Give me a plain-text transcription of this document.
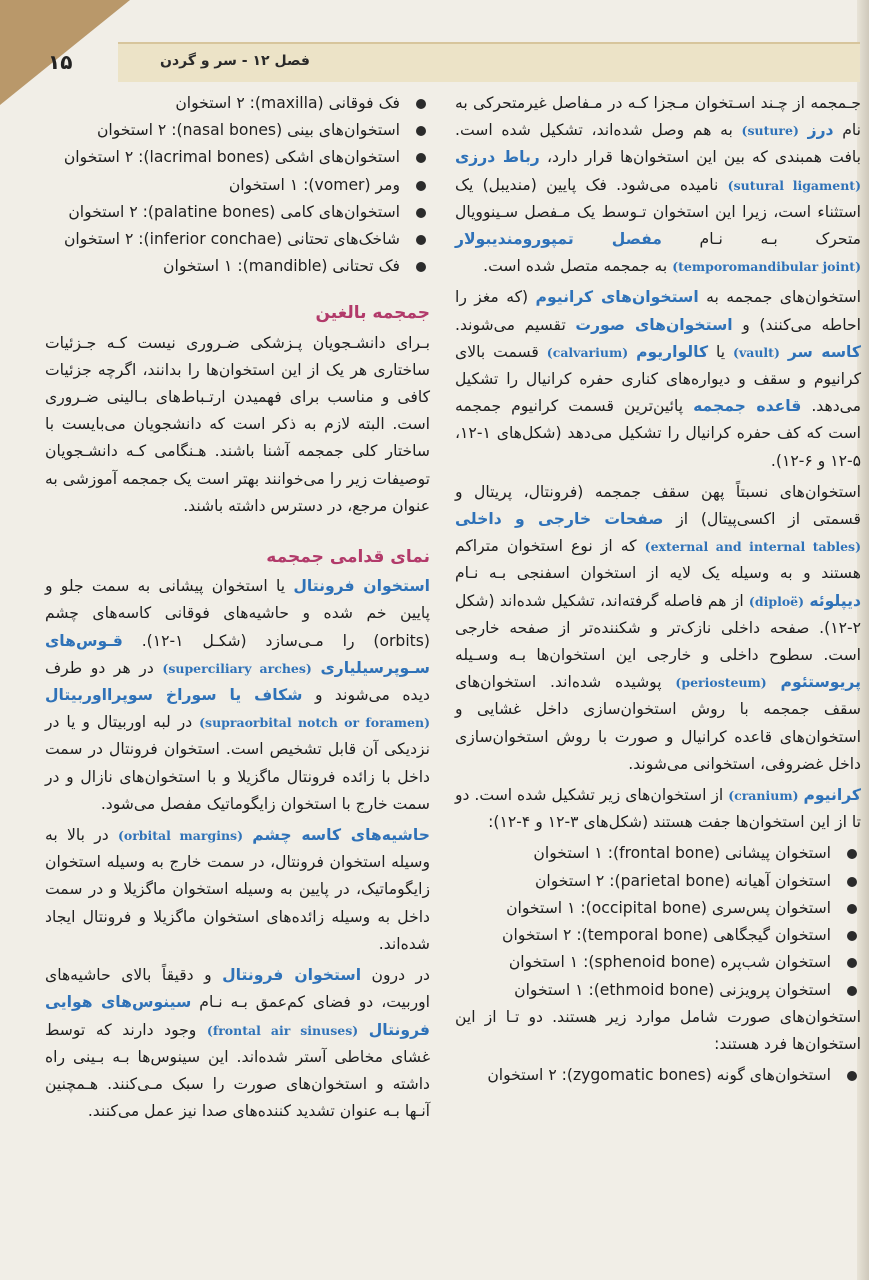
۱۵	فصل ۱۲ - سر و گردن

جـمجمه از چـند اسـتخوان مـجزا کـه در مـفاصل غیرمتحرکی به نام درز (suture) به هم وصل شده‌اند، تشکیل شده است. بافت همبندی که بین این استخوان‌ها قرار دارد، رباط درزی (sutural ligament) نامیده می‌شود. فک پایین (مندیبل) یک استثناء است، زیرا این استخوان تـوسط یک مـفصل سـینوویال متحرک بـه نـام مفصل تمپورومندیبولار (temporomandibular joint) به جمجمه متصل شده است.

استخوان‌های جمجمه به استخوان‌های کرانیوم (که مغز را احاطه می‌کنند) و استخوان‌های صورت تقسیم می‌شوند. کاسه سر (vault) یا کالواریوم (calvarium) قسمت بالای کرانیوم و سقف و دیواره‌های کناری حفره کرانیال را تشکیل می‌دهد. قاعده جمجمه پائین‌ترین قسمت کرانیوم جمجمه است که کف حفره کرانیال را تشکیل می‌دهد (شکل‌های ۱-۱۲، ۵-۱۲ و ۶-۱۲).

استخوان‌های نسبتاً پهن سقف جمجمه (فرونتال، پریتال و قسمتی از اکسی‌پیتال) از صفحات خارجی و داخلی (external and internal tables) که از نوع استخوان متراکم هستند و به وسیله یک لایه از استخوان اسفنجی بـه نـام دیپلوئه (diploë) از هم فاصله گرفته‌اند، تشکیل شده‌اند (شکل ۲-۱۲). صفحه داخلی نازک‌تر و شکننده‌تر از صفحه خارجی است. سطوح داخلی و خارجی این استخوان‌ها بـه وسـیله پریوستئوم (periosteum) پوشیده شده‌اند. استخوان‌های سقف جمجمه با روش استخوان‌سازی داخل غشایی و استخوان‌های قاعده کرانیال و صورت با روش استخوان‌سازی داخل غضروفی، استخوانی می‌شوند.

کرانیوم (cranium) از استخوان‌های زیر تشکیل شده است. دو تا از این استخوان‌ها جفت هستند (شکل‌های ۳-۱۲ و ۴-۱۲):

استخوان پیشانی (frontal bone): ۱ استخوان
استخوان آهیانه (parietal bone): ۲ استخوان
استخوان پس‌سری (occipital bone): ۱ استخوان
استخوان گیجگاهی (temporal bone): ۲ استخوان
استخوان شب‌پره (sphenoid bone): ۱ استخوان
استخوان پرویزنی (ethmoid bone): ۱ استخوان

استخوان‌های صورت شامل موارد زیر هستند. دو تـا از این استخوان‌ها فرد هستند:

استخوان‌های گونه (zygomatic bones): ۲ استخوان
فک فوقانی (maxilla): ۲ استخوان
استخوان‌های بینی (nasal bones): ۲ استخوان
استخوان‌های اشکی (lacrimal bones): ۲ استخوان
ومر (vomer): ۱ استخوان
استخوان‌های کامی (palatine bones): ۲ استخوان
شاخک‌های تحتانی (inferior conchae): ۲ استخوان
فک تحتانی (mandible): ۱ استخوان
جمجمه بالغین

بـرای دانشـجویان پـزشکی ضـروری نیست کـه جـزئیات ساختاری هر یک از این استخوان‌ها را بدانند، اگرچه جزئیات کافی و مناسب برای فهمیدن ارتـباط‌های بـالینی ضـروری است. البته لازم به ذکر است که دانشجویان می‌بایست با ساختار کلی جمجمه آشنا باشند. هـنگامی کـه دانشـجویان توصیفات زیر را می‌خوانند بهتر است یک جمجمه آموزشی به عنوان مرجع، در دسترس داشته باشند.

نمای قدامی جمجمه

استخوان فرونتال یا استخوان پیشانی به سمت جلو و پایین خم شده و حاشیه‌های فوقانی کاسه‌های چشم (orbits) را مـی‌سازد (شکـل ۱-۱۲). قـوس‌های سـوپرسیلیاری (superciliary arches) در هر دو طرف دیده می‌شوند و شکاف یا سوراخ سوپرااوربیتال (supraorbital notch or foramen) در لبه اوربیتال و یا در نزدیکی آن قابل تشخیص است. استخوان فرونتال در سمت داخل با زائده فرونتال ماگزیلا و با استخوان‌های نازال و در سمت خارج با استخوان زایگوماتیک مفصل می‌شود.

حاشیه‌های کاسه چشم (orbital margins) در بالا به وسیله استخوان فرونتال، در سمت خارج به وسیله استخوان زایگوماتیک، در پایین به وسیله استخوان ماگزیلا و در سمت داخل به وسیله زائده‌های استخوان ماگزیلا و فرونتال ایجاد شده‌اند.

در درون استخوان فرونتال و دقیقاً بالای حاشیه‌های اوربیت، دو فضای کم‌عمق بـه نـام سینوس‌های هوایی فرونتال (frontal air sinuses) وجود دارند که توسط غشای مخاطی آستر شده‌اند. این سینوس‌ها بـه بـینی راه داشته و استخوان‌های صورت را سبک مـی‌کنند. هـمچنین آنـها بـه عنوان تشدید کننده‌های صدا نیز عمل می‌کنند.
